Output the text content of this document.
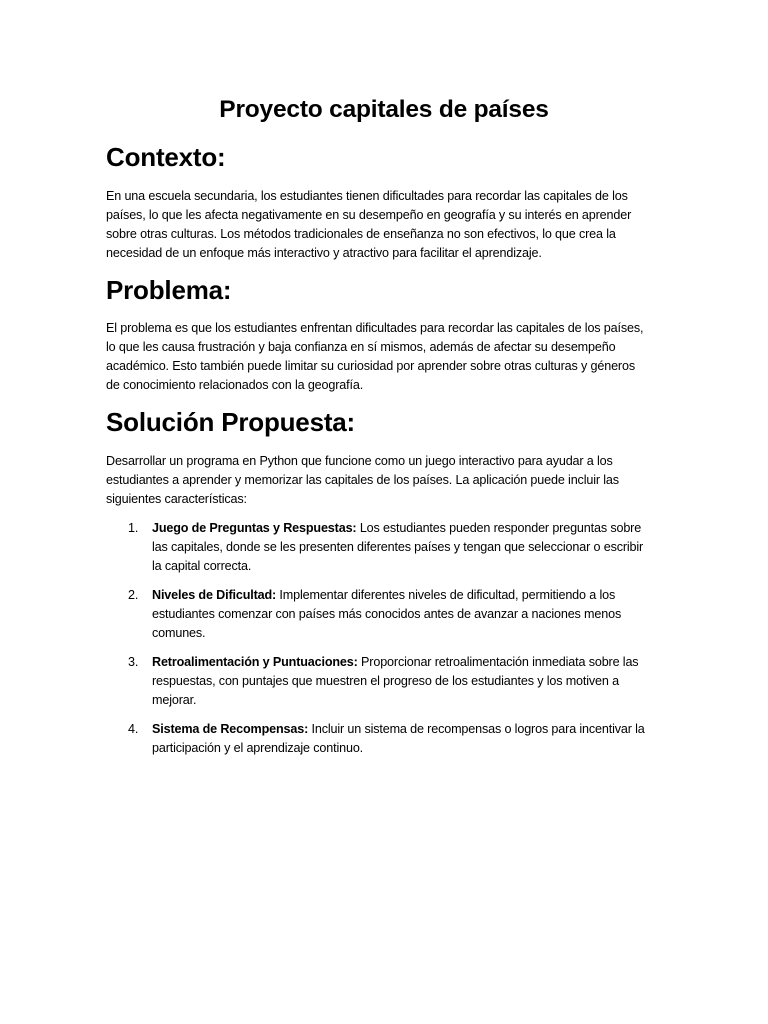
Proyecto capitales de países
Contexto:

En una escuela secundaria, los estudiantes tienen dificultades para recordar las capitales de los países, lo que les afecta negativamente en su desempeño en geografía y su interés en aprender sobre otras culturas. Los métodos tradicionales de enseñanza no son efectivos, lo que crea la necesidad de un enfoque más interactivo y atractivo para facilitar el aprendizaje.

Problema:

El problema es que los estudiantes enfrentan dificultades para recordar las capitales de los países, lo que les causa frustración y baja confianza en sí mismos, además de afectar su desempeño académico. Esto también puede limitar su curiosidad por aprender sobre otras culturas y géneros de conocimiento relacionados con la geografía.

Solución Propuesta:

Desarrollar un programa en Python que funcione como un juego interactivo para ayudar a los estudiantes a aprender y memorizar las capitales de los países. La aplicación puede incluir las siguientes características:

1. Juego de Preguntas y Respuestas: Los estudiantes pueden responder preguntas sobre las capitales, donde se les presenten diferentes países y tengan que seleccionar o escribir la capital correcta.
2. Niveles de Dificultad: Implementar diferentes niveles de dificultad, permitiendo a los estudiantes comenzar con países más conocidos antes de avanzar a naciones menos comunes.
3. Retroalimentación y Puntuaciones: Proporcionar retroalimentación inmediata sobre las respuestas, con puntajes que muestren el progreso de los estudiantes y los motiven a mejorar.
4. Sistema de Recompensas: Incluir un sistema de recompensas o logros para incentivar la participación y el aprendizaje continuo.
